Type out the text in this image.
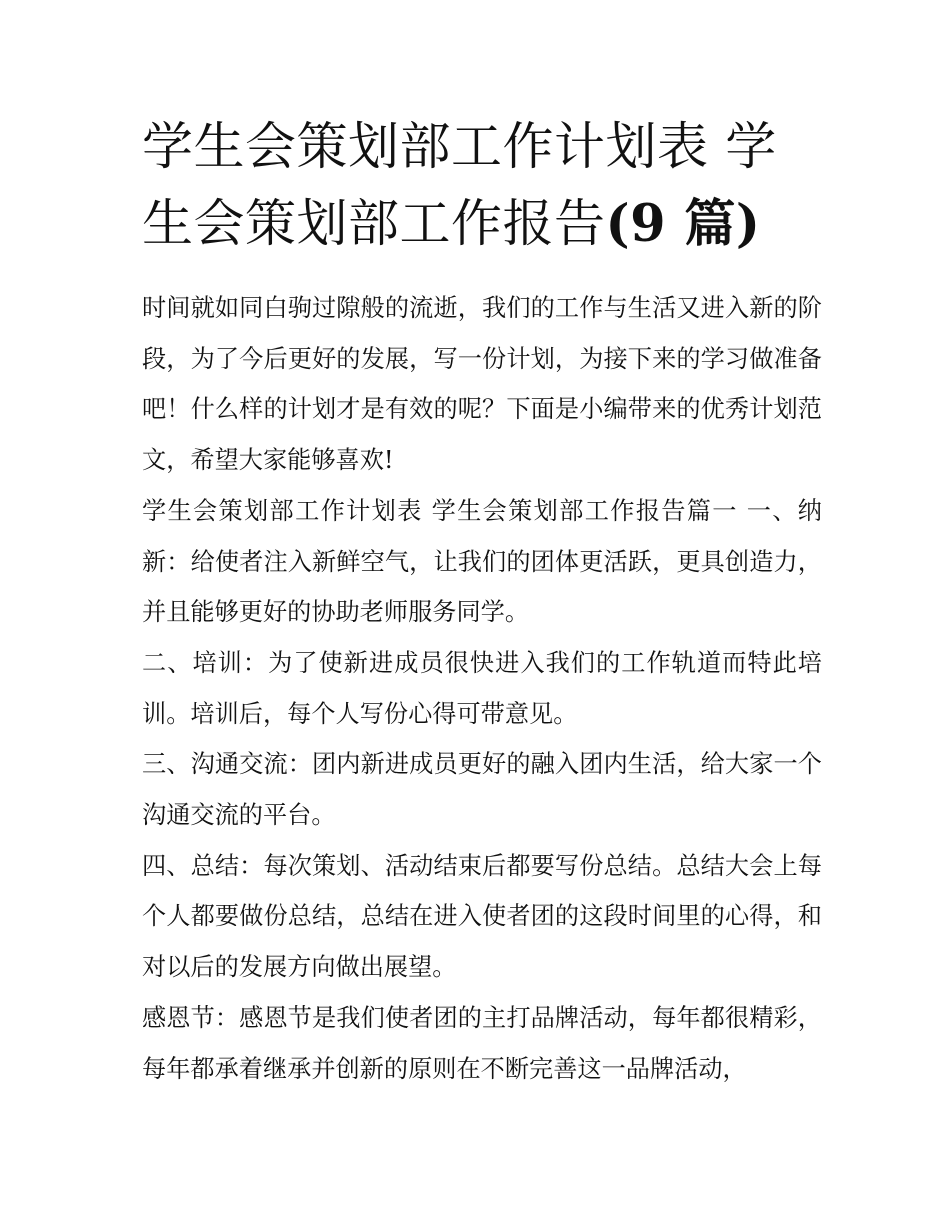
学生会策划部工作计划表 学生会策划部工作报告(9 篇)

时间就如同白驹过隙般的流逝，我们的工作与生活又进入新的阶段，为了今后更好的发展，写一份计划，为接下来的学习做准备吧！什么样的计划才是有效的呢？下面是小编带来的优秀计划范文，希望大家能够喜欢!

学生会策划部工作计划表 学生会策划部工作报告篇一 一、纳新：给使者注入新鲜空气，让我们的团体更活跃，更具创造力，并且能够更好的协助老师服务同学。

二、培训：为了使新进成员很快进入我们的工作轨道而特此培训。培训后，每个人写份心得可带意见。

三、沟通交流：团内新进成员更好的融入团内生活，给大家一个沟通交流的平台。

四、总结：每次策划、活动结束后都要写份总结。总结大会上每个人都要做份总结，总结在进入使者团的这段时间里的心得，和对以后的发展方向做出展望。

感恩节：感恩节是我们使者团的主打品牌活动，每年都很精彩，每年都承着继承并创新的原则在不断完善这一品牌活动，
